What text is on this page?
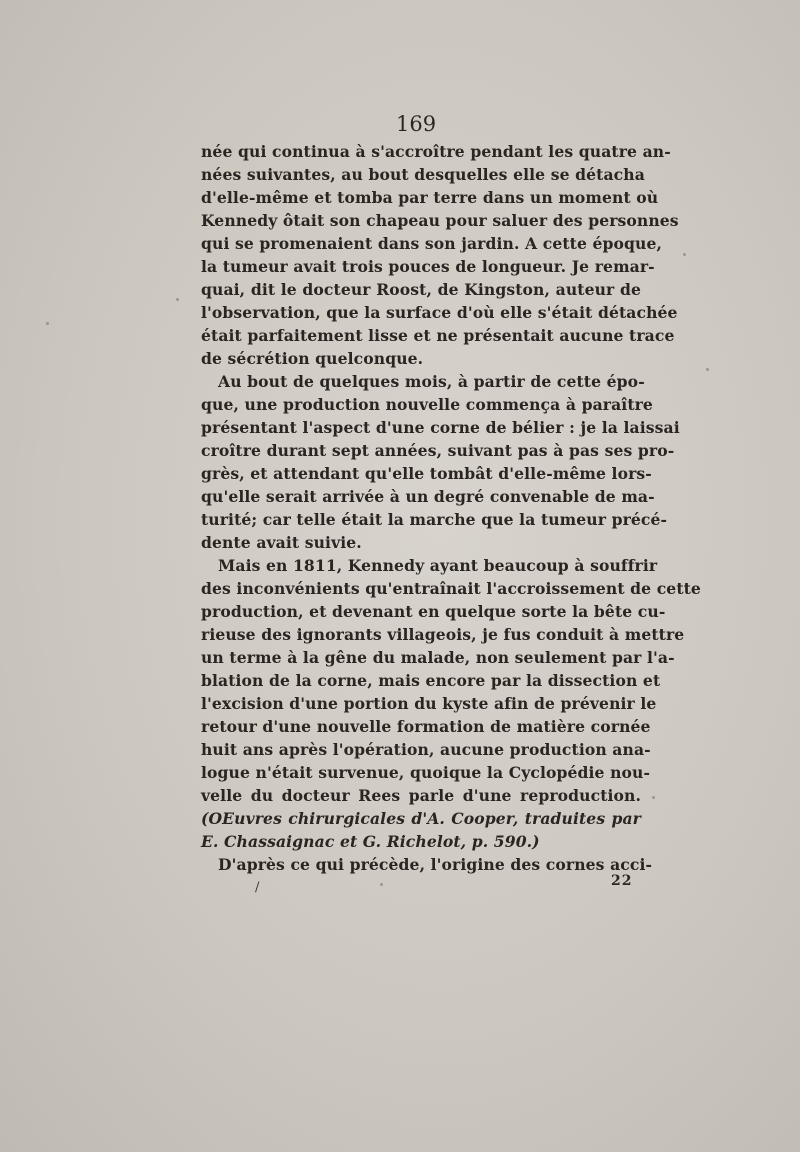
169
née qui continua à s'accroître pendant les quatre an-
nées suivantes, au bout desquelles elle se détacha
d'elle-même et tomba par terre dans un moment où
Kennedy ôtait son chapeau pour saluer des personnes
qui se promenaient dans son jardin. A cette époque,
la tumeur avait trois pouces de longueur. Je remar-
quai, dit le docteur Roost, de Kingston, auteur de
l'observation, que la surface d'où elle s'était détachée
était parfaitement lisse et ne présentait aucune trace
de sécrétion quelconque.
Au bout de quelques mois, à partir de cette épo-
que, une production nouvelle commença à paraître
présentant l'aspect d'une corne de bélier : je la laissai
croître durant sept années, suivant pas à pas ses pro-
grès, et attendant qu'elle tombât d'elle-même lors-
qu'elle serait arrivée à un degré convenable de ma-
turité; car telle était la marche que la tumeur précé-
dente avait suivie.
Mais en 1811, Kennedy ayant beaucoup à souffrir
des inconvénients qu'entraînait l'accroissement de cette
production, et devenant en quelque sorte la bête cu-
rieuse des ignorants villageois, je fus conduit à mettre
un terme à la gêne du malade, non seulement par l'a-
blation de la corne, mais encore par la dissection et
l'excision d'une portion du kyste afin de prévenir le
retour d'une nouvelle formation de matière cornée
huit ans après l'opération, aucune production ana-
logue n'était survenue, quoique la Cyclopédie nou-
velle du docteur Rees parle d'une reproduction.
(OEuvres chirurgicales d'A. Cooper, traduites par
E. Chassaignac et G. Richelot, p. 590.)
D'après ce qui précède, l'origine des cornes acci-
/	22
